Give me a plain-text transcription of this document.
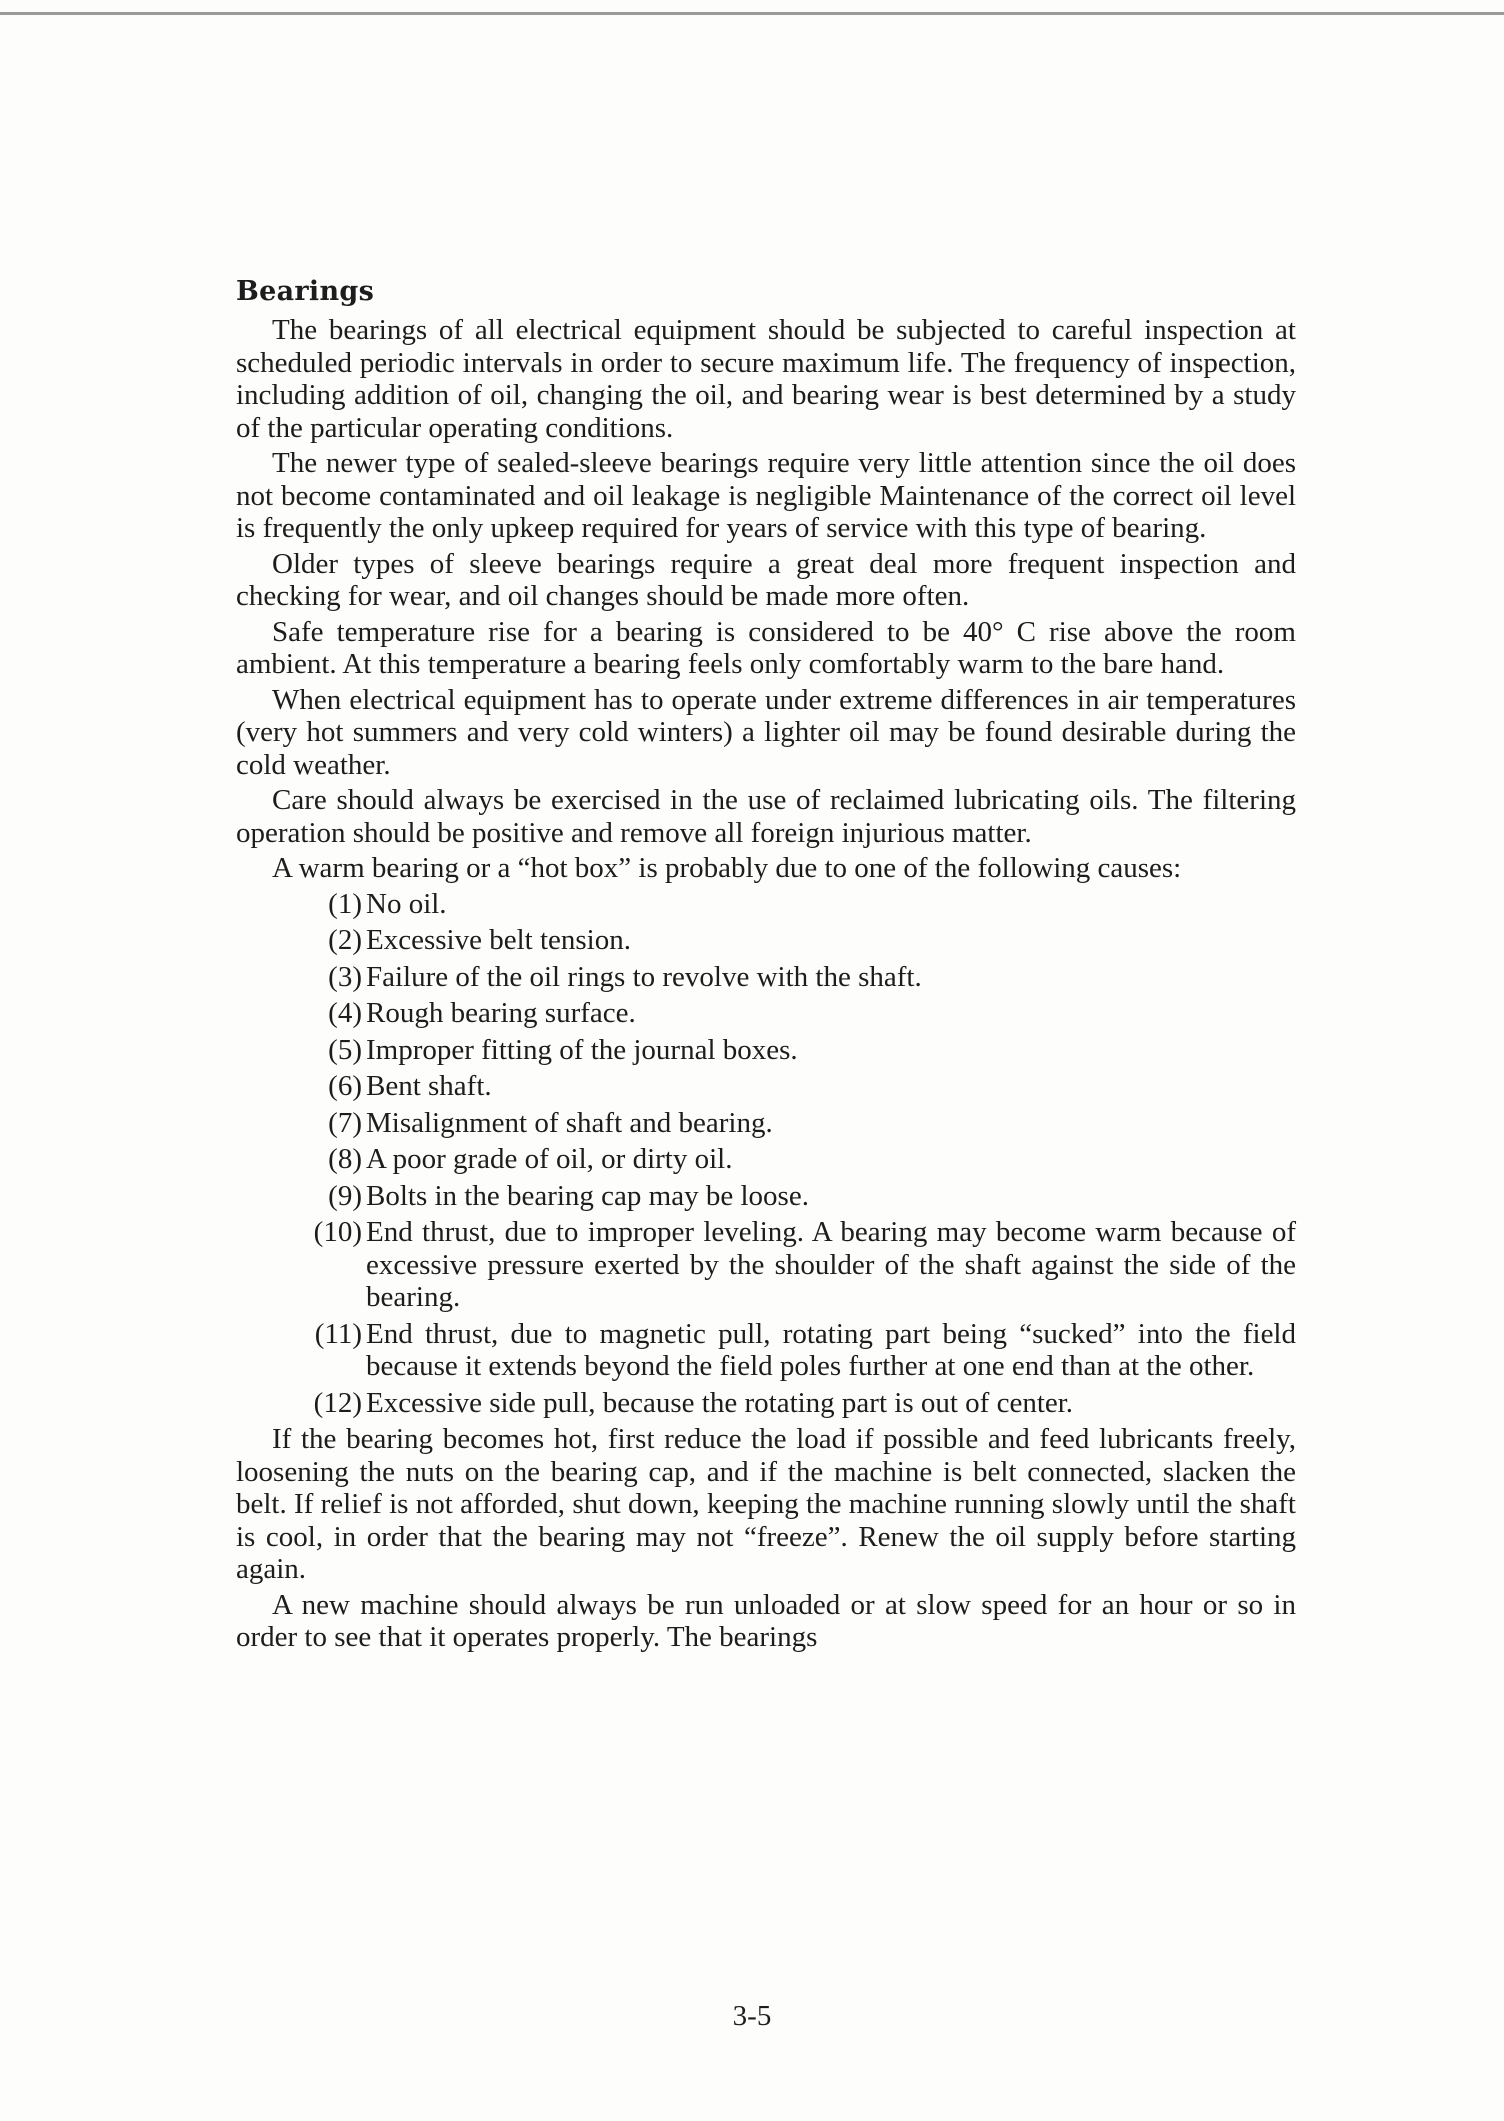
Bearings

The bearings of all electrical equipment should be subjected to careful inspection at scheduled periodic intervals in order to secure maximum life. The frequency of inspection, including addition of oil, changing the oil, and bearing wear is best determined by a study of the particular operating conditions.

The newer type of sealed-sleeve bearings require very little attention since the oil does not become contaminated and oil leakage is negligible Maintenance of the correct oil level is frequently the only upkeep required for years of service with this type of bearing.

Older types of sleeve bearings require a great deal more frequent inspection and checking for wear, and oil changes should be made more often.

Safe temperature rise for a bearing is considered to be 40° C rise above the room ambient. At this temperature a bearing feels only comfortably warm to the bare hand.

When electrical equipment has to operate under extreme differences in air temperatures (very hot summers and very cold winters) a lighter oil may be found desirable during the cold weather.

Care should always be exercised in the use of reclaimed lubricating oils. The filtering operation should be positive and remove all foreign injurious matter.

A warm bearing or a “hot box” is probably due to one of the following causes:

(1) No oil.
(2) Excessive belt tension.
(3) Failure of the oil rings to revolve with the shaft.
(4) Rough bearing surface.
(5) Improper fitting of the journal boxes.
(6) Bent shaft.
(7) Misalignment of shaft and bearing.
(8) A poor grade of oil, or dirty oil.
(9) Bolts in the bearing cap may be loose.
(10) End thrust, due to improper leveling. A bearing may become warm because of excessive pressure exerted by the shoulder of the shaft against the side of the bearing.
(11) End thrust, due to magnetic pull, rotating part being “sucked” into the field because it extends beyond the field poles further at one end than at the other.
(12) Excessive side pull, because the rotating part is out of center.

If the bearing becomes hot, first reduce the load if possible and feed lubricants freely, loosening the nuts on the bearing cap, and if the machine is belt connected, slacken the belt. If relief is not afforded, shut down, keeping the machine running slowly until the shaft is cool, in order that the bearing may not “freeze”. Renew the oil supply before starting again.

A new machine should always be run unloaded or at slow speed for an hour or so in order to see that it operates properly. The bearings

3-5
